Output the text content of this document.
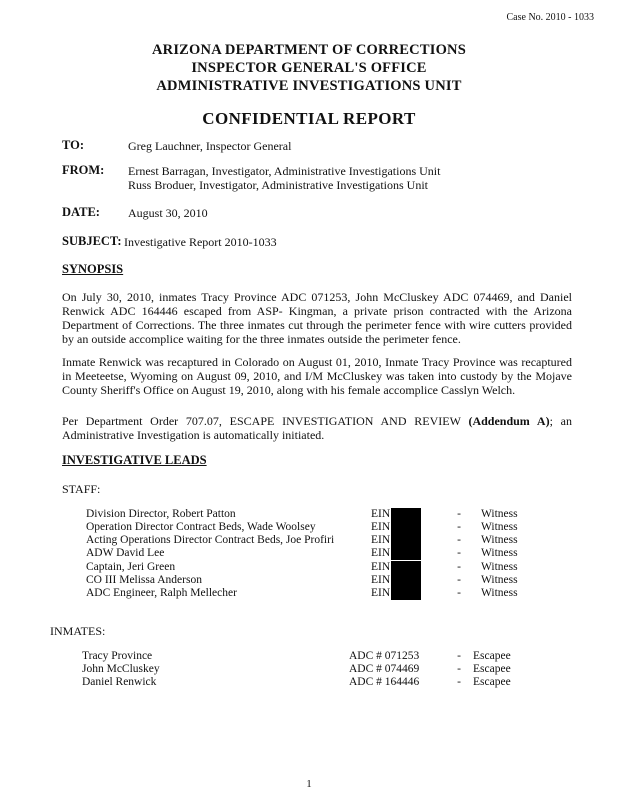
Case No. 2010 - 1033
ARIZONA DEPARTMENT OF CORRECTIONS
INSPECTOR GENERAL'S OFFICE
ADMINISTRATIVE INVESTIGATIONS UNIT
CONFIDENTIAL REPORT
TO:	Greg Lauchner, Inspector General
FROM: Ernest Barragan, Investigator, Administrative Investigations Unit
Russ Broduer, Investigator, Administrative Investigations Unit
DATE: August 30, 2010
SUBJECT: Investigative Report 2010-1033
SYNOPSIS
On July 30, 2010, inmates Tracy Province ADC 071253, John McCluskey ADC 074469, and Daniel Renwick ADC 164446 escaped from ASP- Kingman, a private prison contracted with the Arizona Department of Corrections. The three inmates cut through the perimeter fence with wire cutters provided by an outside accomplice waiting for the three inmates outside the perimeter fence.
Inmate Renwick was recaptured in Colorado on August 01, 2010, Inmate Tracy Province was recaptured in Meeteetse, Wyoming on August 09, 2010, and I/M McCluskey was taken into custody by the Mojave County Sheriff's Office on August 19, 2010, along with his female accomplice Casslyn Welch.
Per Department Order 707.07, ESCAPE INVESTIGATION AND REVIEW (Addendum A); an Administrative Investigation is automatically initiated.
INVESTIGATIVE LEADS
STAFF:
Division Director, Robert Patton	EIN	-	Witness
Operation Director Contract Beds, Wade Woolsey	EIN	-	Witness
Acting Operations Director Contract Beds, Joe Profiri	EIN	-	Witness
ADW David Lee	EIN	-	Witness
Captain, Jeri Green	EIN	-	Witness
CO III Melissa Anderson	EIN	-	Witness
ADC Engineer, Ralph Mellecher	EIN	-	Witness
INMATES:
Tracy Province	ADC # 071253	-	Escapee
John McCluskey	ADC # 074469	-	Escapee
Daniel Renwick	ADC # 164446	-	Escapee
1
